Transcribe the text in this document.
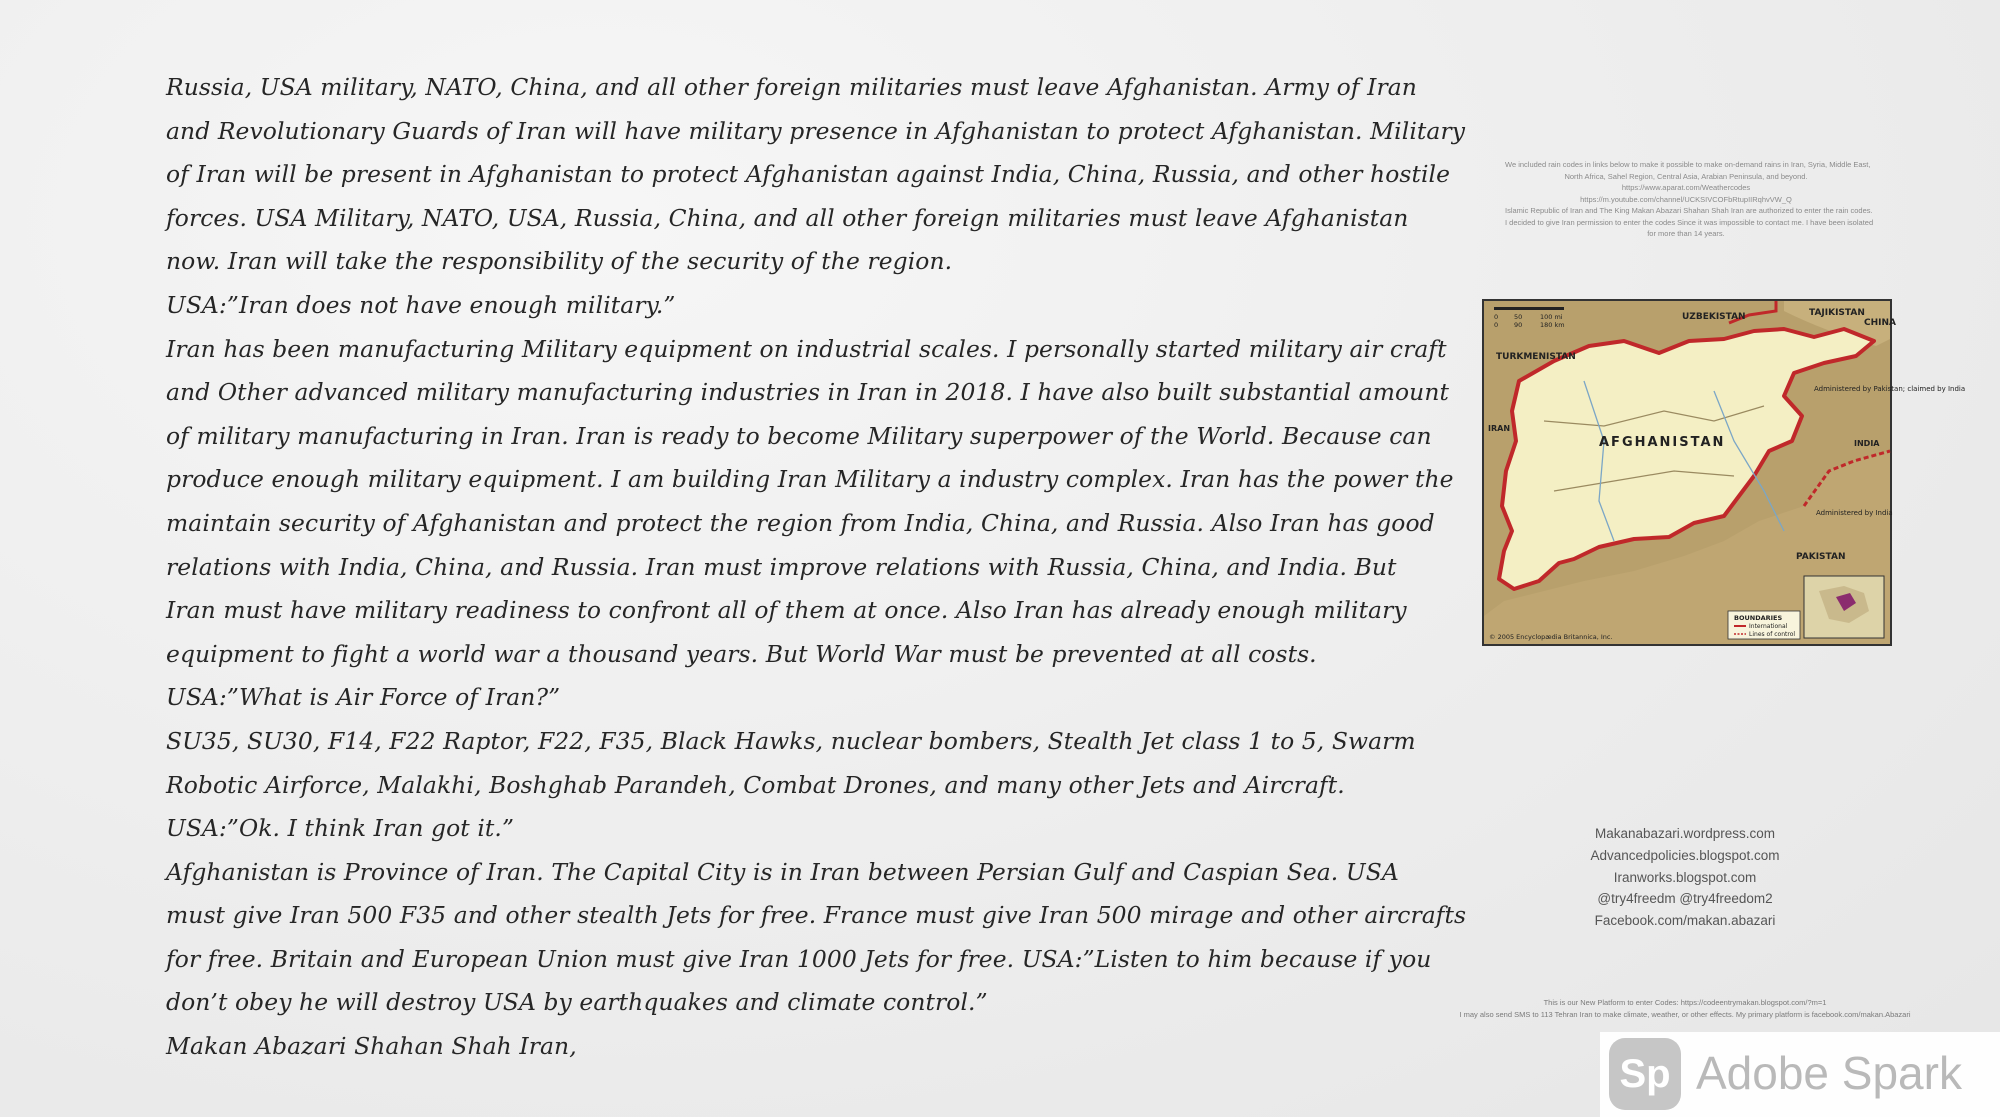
Russia, USA military, NATO, China, and all other foreign militaries must leave Afghanistan. Army of Iran
and Revolutionary Guards of Iran will have military presence in Afghanistan to protect Afghanistan. Military
of Iran will be present in Afghanistan to protect Afghanistan against India, China, Russia, and other hostile
forces. USA Military, NATO, USA, Russia, China, and all other foreign militaries must leave Afghanistan
now. Iran will take the responsibility of the security of the region.
USA:”Iran does not have enough military.”
Iran has been manufacturing Military equipment on industrial scales. I personally started military air craft
and Other advanced military manufacturing industries in Iran in 2018. I have also built substantial amount
of military manufacturing in Iran. Iran is ready to become Military superpower of the World. Because can
produce enough military equipment. I am building Iran Military a industry complex. Iran has the power the
maintain security of Afghanistan and protect the region from India, China, and Russia. Also Iran has good
relations with India, China, and Russia. Iran must improve relations with Russia, China, and India. But
Iran must have military readiness to confront all of them at once. Also Iran has already enough military
equipment to fight a world war a thousand years. But World War must be prevented at all costs.
USA:”What is Air Force of Iran?”
SU35, SU30, F14, F22 Raptor, F22, F35, Black Hawks, nuclear bombers, Stealth Jet class 1 to 5, Swarm
Robotic Airforce, Malakhi, Boshghab Parandeh, Combat Drones, and many other Jets and Aircraft.
USA:”Ok. I think Iran got it.”
Afghanistan is Province of Iran. The Capital City is in Iran between Persian Gulf and Caspian Sea. USA
must give Iran 500 F35 and other stealth Jets for free. France must give Iran 500 mirage and other aircrafts
for free. Britain and European Union must give Iran 1000 Jets for free. USA:”Listen to him because if you
don’t obey he will destroy USA by earthquakes and climate control.”
Makan Abazari Shahan Shah Iran,
We included rain codes in links below to make it possible to make on-demand rains in Iran, Syria, Middle East,
North Africa, Sahel Region, Central Asia, Arabian Peninsula, and beyond.
https://www.aparat.com/Weathercodes
https://m.youtube.com/channel/UCKSIVCOFbRtupIIRqhvVW_Q
Islamic Republic of Iran and The King Makan Abazari Shahan Shah Iran are authorized to enter the rain codes.
I decided to give Iran permission to enter the codes Since it was impossible to contact me. I have been isolated
for more than 14 years.
UZBEKISTAN	TAJIKISTAN
TURKMENISTAN
CHINA
IRAN
INDIA
PAKISTAN
AFGHANISTAN
Administered by Pakistan; claimed by India
Administered by India
0 50	100 mi
0 90	180 km
BOUNDARIES
International
Lines of control
© 2005 Encyclopædia Britannica, Inc.
Makanabazari.wordpress.com
Advancedpolicies.blogspot.com
Iranworks.blogspot.com
@try4freedm @try4freedom2
Facebook.com/makan.abazari
This is our New Platform to enter Codes: https://codeentrymakan.blogspot.com/?m=1
I may also send SMS to 113 Tehran Iran to make climate, weather, or other effects. My primary platform is facebook.com/makan.Abazari
Sp Adobe Spark
